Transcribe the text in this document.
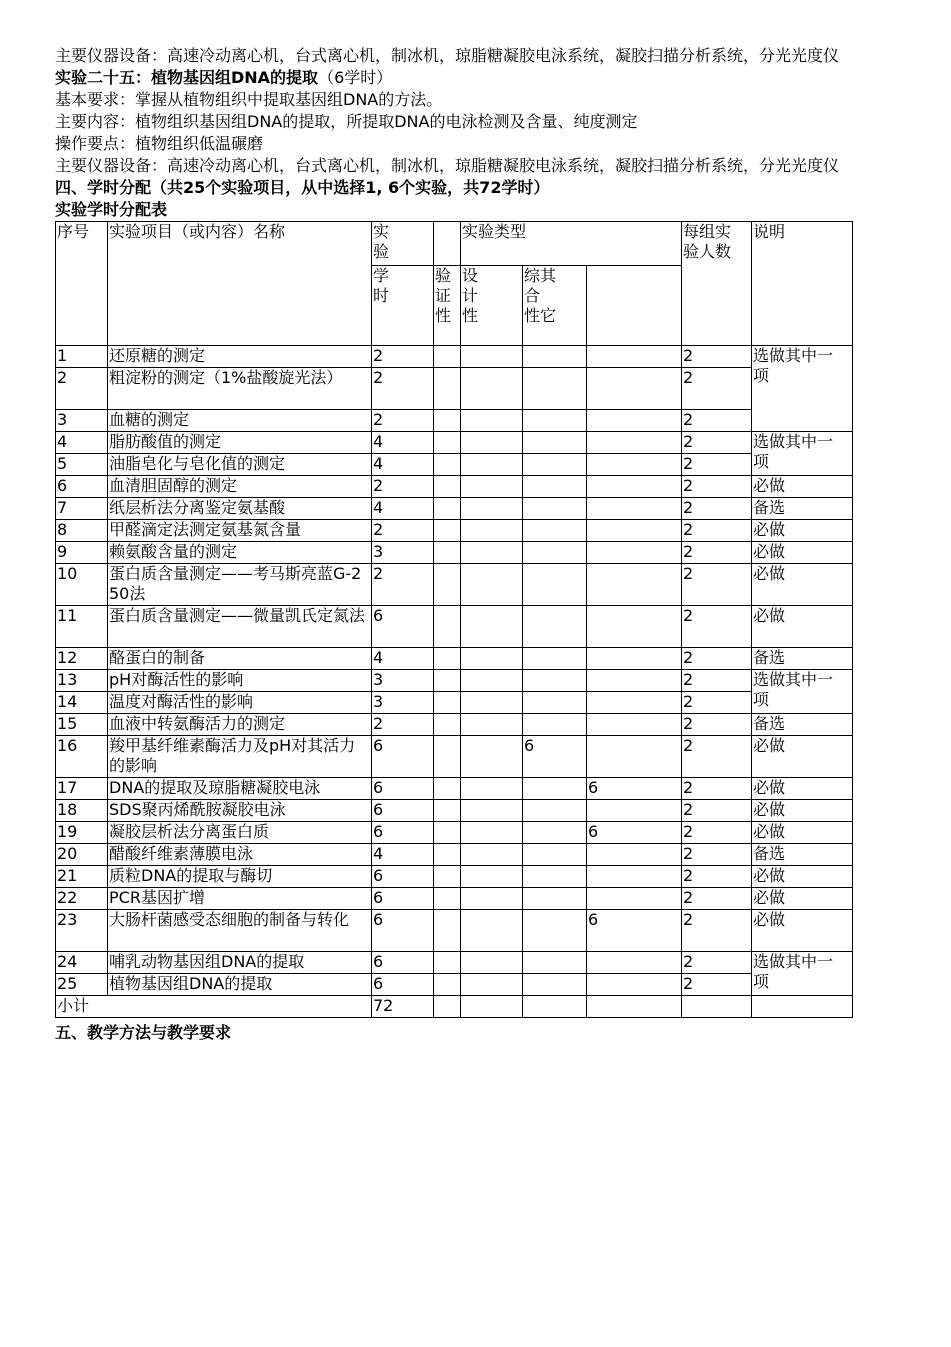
主要仪器设备：高速冷动离心机，台式离心机，制冰机，琼脂糖凝胶电泳系统，凝胶扫描分析系统，分光光度仪

实验二十五：植物基因组DNA的提取（6学时）

基本要求：掌握从植物组织中提取基因组DNA的方法。

主要内容：植物组织基因组DNA的提取，所提取DNA的电泳检测及含量、纯度测定

操作要点：植物组织低温碾磨

主要仪器设备：高速冷动离心机，台式离心机，制冰机，琼脂糖凝胶电泳系统，凝胶扫描分析系统，分光光度仪

四、学时分配（共25个实验项目，从中选择1, 6个实验，共72学时）

实验学时分配表

序号	实验项目（或内容）名称	实
验		实验类型			每组实
验人数	说明
		学
时	验
证
性	设
计
性	综其
合
性它			
1	还原糖的测定	2					2	选做其中一
项

2	粗淀粉的测定（1%盐酸旋光法）	2					2	
3	血糖的测定	2					2	
4	脂肪酸值的测定	4					2	选做其中一
项

5	油脂皂化与皂化值的测定	4					2	
6	血清胆固醇的测定	2					2	必做
7	纸层析法分离鉴定氨基酸	4					2	备选
8	甲醛滴定法测定氨基氮含量	2					2	必做
9	赖氨酸含量的测定	3					2	必做
10	蛋白质含量测定——考马斯亮蓝G-250法	2					2	必做
11	蛋白质含量测定——微量凯氏定氮法	6					2	必做
12	酪蛋白的制备	4					2	备选
13	pH对酶活性的影响	3					2	选做其中一
项

14	温度对酶活性的影响	3					2	
15	血液中转氨酶活力的测定	2					2	备选
16	羧甲基纤维素酶活力及pH对其活力的影响	6			6		2	必做
17	DNA的提取及琼脂糖凝胶电泳	6				6	2	必做
18	SDS聚丙烯酰胺凝胶电泳	6					2	必做
19	凝胶层析法分离蛋白质	6				6	2	必做
20	醋酸纤维素薄膜电泳	4					2	备选
21	质粒DNA的提取与酶切	6					2	必做
22	PCR基因扩增	6					2	必做
23	大肠杆菌感受态细胞的制备与转化	6				6	2	必做
24	哺乳动物基因组DNA的提取	6					2	选做其中一
项

25	植物基因组DNA的提取	6					2	
小计		72						

五、教学方法与教学要求
